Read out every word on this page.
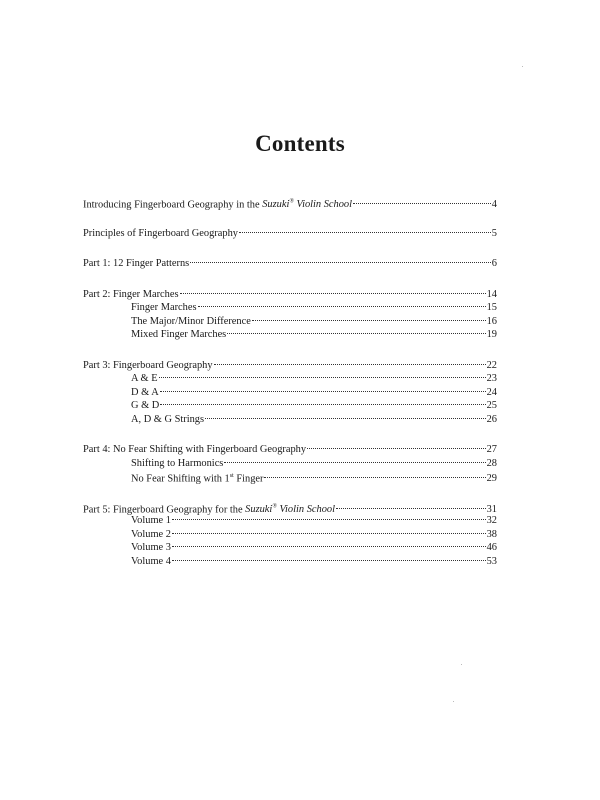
Contents
Introducing Fingerboard Geography in the Suzuki® Violin School	4
Principles of Fingerboard Geography	5
Part 1: 12 Finger Patterns	6
Part 2: Finger Marches	14
Finger Marches	15
The Major/Minor Difference	16
Mixed Finger Marches	19
Part 3: Fingerboard Geography	22
A & E	23
D & A	24
G & D	25
A, D & G Strings	26
Part 4: No Fear Shifting with Fingerboard Geography	27
Shifting to Harmonics	28
No Fear Shifting with 1st Finger	29
Part 5: Fingerboard Geography for the Suzuki® Violin School	31
Volume 1	32
Volume 2	38
Volume 3	46
Volume 4	53
